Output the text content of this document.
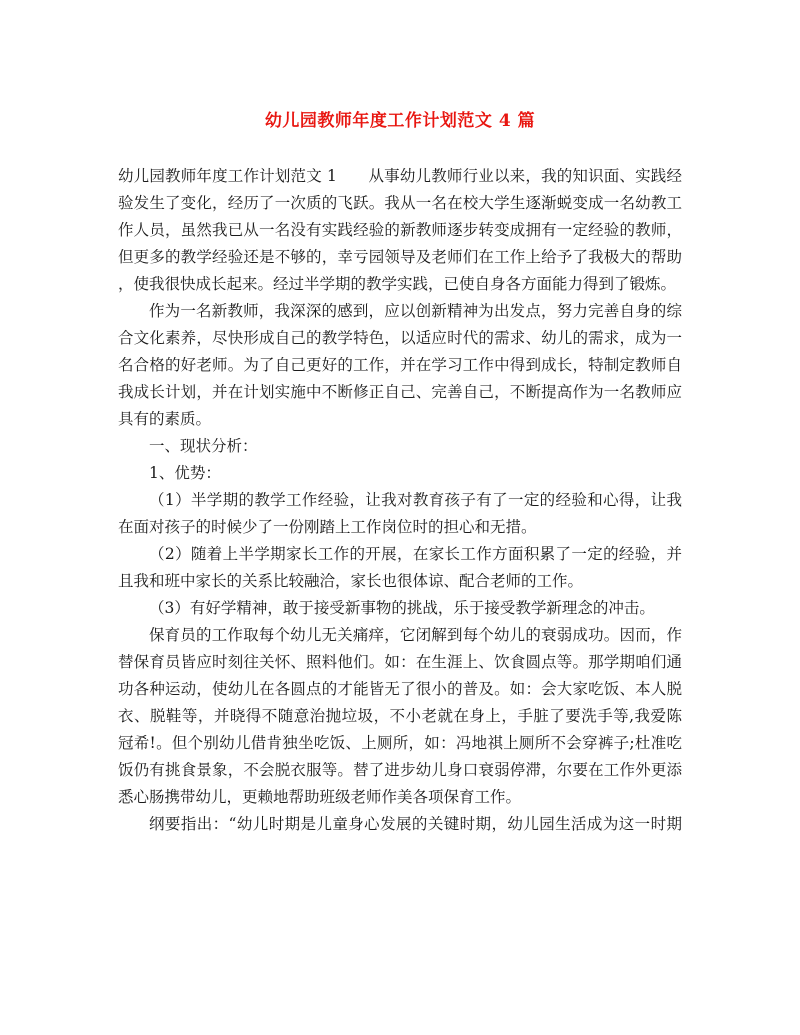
幼儿园教师年度工作计划范文 4 篇
幼儿园教师年度工作计划范文 1　　从事幼儿教师行业以来，我的知识面、实践经
验发生了变化，经历了一次质的飞跃。我从一名在校大学生逐渐蜕变成一名幼教工
作人员，虽然我已从一名没有实践经验的新教师逐步转变成拥有一定经验的教师，
但更多的教学经验还是不够的，幸亏园领导及老师们在工作上给予了我极大的帮助
，使我很快成长起来。经过半学期的教学实践，已使自身各方面能力得到了锻炼。
作为一名新教师，我深深的感到，应以创新精神为出发点，努力完善自身的综
合文化素养，尽快形成自己的教学特色，以适应时代的需求、幼儿的需求，成为一
名合格的好老师。为了自己更好的工作，并在学习工作中得到成长，特制定教师自
我成长计划，并在计划实施中不断修正自己、完善自己，不断提高作为一名教师应
具有的素质。
一、现状分析：
1、优势：
（1）半学期的教学工作经验，让我对教育孩子有了一定的经验和心得，让我
在面对孩子的时候少了一份刚踏上工作岗位时的担心和无措。
（2）随着上半学期家长工作的开展，在家长工作方面积累了一定的经验，并
且我和班中家长的关系比较融洽，家长也很体谅、配合老师的工作。
（3）有好学精神，敢于接受新事物的挑战，乐于接受教学新理念的冲击。
保育员的工作取每个幼儿无关痛痒，它闭解到每个幼儿的衰弱成功。因而，作
替保育员皆应时刻往关怀、照料他们。如：在生涯上、饮食圆点等。那学期咱们通
功各种运动，使幼儿在各圆点的才能皆无了很小的普及。如：会大家吃饭、本人脱
衣、脱鞋等，并晓得不随意治抛垃圾，不小老就在身上，手脏了要洗手等,我爱陈
冠希!。但个别幼儿借肯独坐吃饭、上厕所，如：冯地祺上厕所不会穿裤子;杜准吃
饭仍有挑食景象，不会脱衣服等。替了进步幼儿身口衰弱停滞，尔要在工作外更添
悉心肠携带幼儿，更赖地帮助班级老师作美各项保育工作。
纲要指出：“幼儿时期是儿童身心发展的关键时期，幼儿园生活成为这一时期
